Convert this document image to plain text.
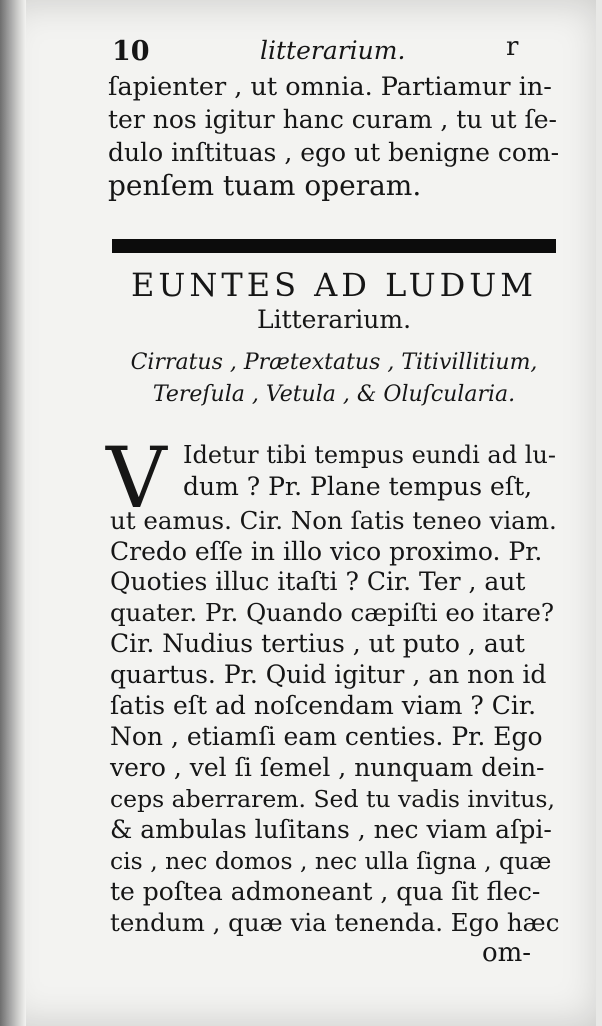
10	litterarium.	r
ſapienter , ut omnia. Partiamur in-
ter nos igitur hanc curam , tu ut ſe-
dulo inſtituas , ego ut benigne com-
penſem tuam operam.
EUNTES AD LUDUM
Litterarium.
Cirratus , Prætextatus , Titivillitium,
Tereſula , Vetula , & Oluſcularia.
V Idetur tibi tempus eundi ad lu-
dum ? Pr. Plane tempus eſt,
ut eamus. Cir. Non ſatis teneo viam.
Credo eſſe in illo vico proximo. Pr.
Quoties illuc itaſti ? Cir. Ter , aut
quater. Pr. Quando cæpiſti eo itare?
Cir. Nudius tertius , ut puto , aut
quartus. Pr. Quid igitur , an non id
ſatis eſt ad noſcendam viam ? Cir.
Non , etiamſi eam centies. Pr. Ego
vero , vel ſi ſemel , nunquam dein-
ceps aberrarem. Sed tu vadis invitus,
& ambulas luſitans , nec viam aſpi-
cis , nec domos , nec ulla ſigna , quæ
te poſtea admoneant , qua ſit flec-
tendum , quæ via tenenda. Ego hæc
om-
